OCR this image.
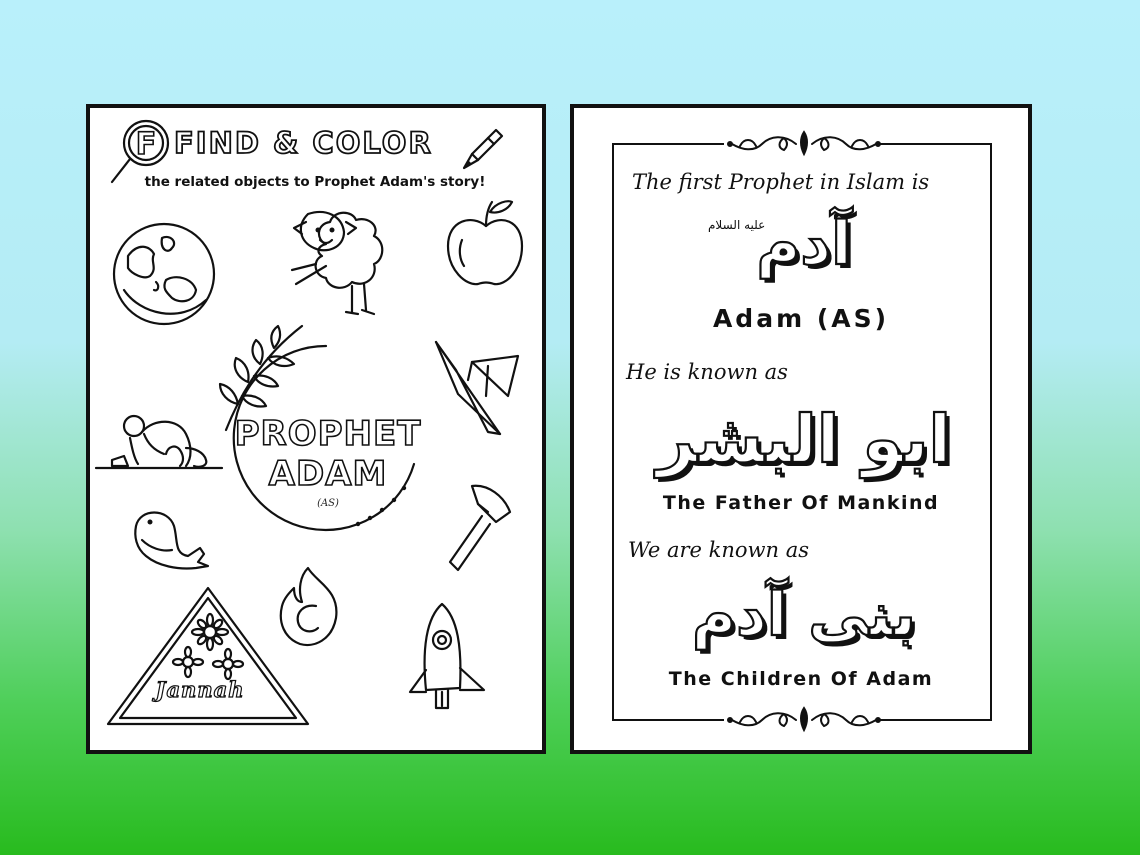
F FIND & COLOR
the related objects to Prophet Adam's story!
PROPHET
ADAM
(AS)
Jannah
The first Prophet in Islam is
عليه السلام
آدم
Adam (AS)
He is known as
ابو البشر
The Father Of Mankind
We are known as
بنی آدم
The Children Of Adam
